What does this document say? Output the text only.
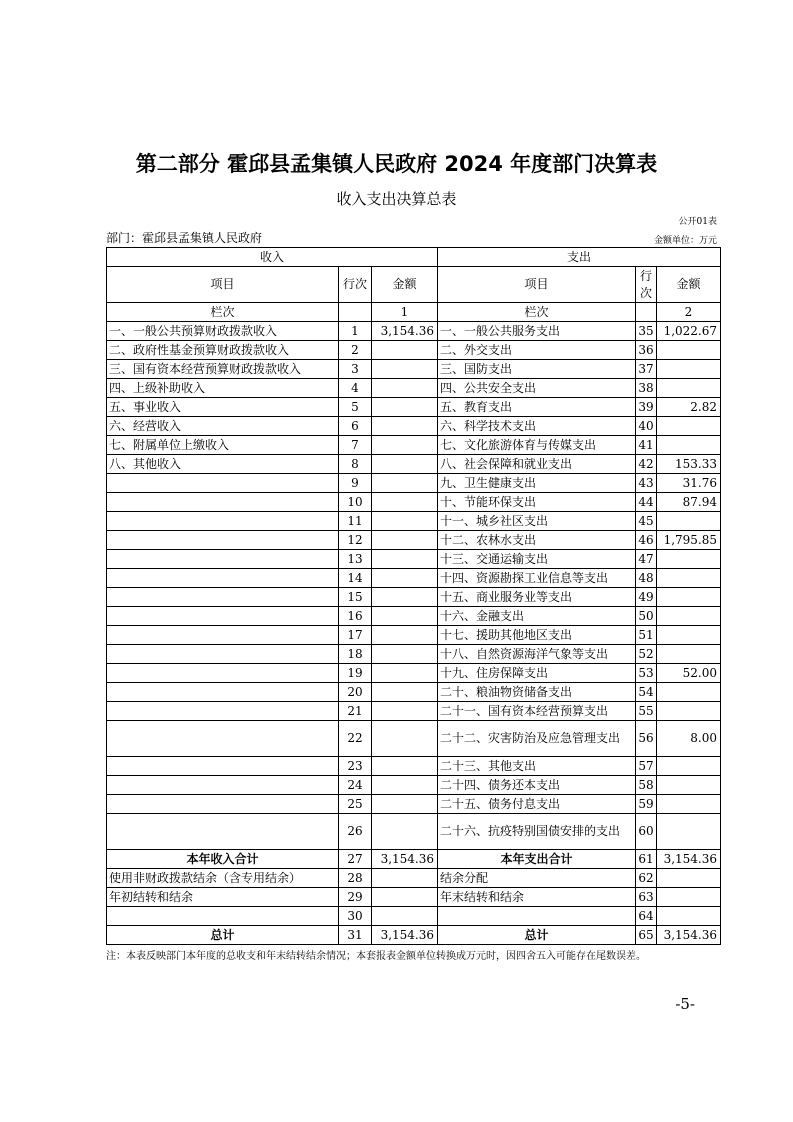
第二部分 霍邱县孟集镇人民政府 2024 年度部门决算表
收入支出决算总表
公开01表
部门：霍邱县孟集镇人民政府	金额单位：万元
收入			支出		
项目	行次	金额	项目	行次	金额
栏次		1	栏次		2
一、一般公共预算财政拨款收入	1	3,154.36	一、一般公共服务支出	35	1,022.67
二、政府性基金预算财政拨款收入	2		二、外交支出	36	
三、国有资本经营预算财政拨款收入	3		三、国防支出	37	
四、上级补助收入	4		四、公共安全支出	38	
五、事业收入	5		五、教育支出	39	2.82
六、经营收入	6		六、科学技术支出	40	
七、附属单位上缴收入	7		七、文化旅游体育与传媒支出	41	
八、其他收入	8		八、社会保障和就业支出	42	153.33
	9		九、卫生健康支出	43	31.76
	10		十、节能环保支出	44	87.94
	11		十一、城乡社区支出	45	
	12		十二、农林水支出	46	1,795.85
	13		十三、交通运输支出	47	
	14		十四、资源勘探工业信息等支出	48	
	15		十五、商业服务业等支出	49	
	16		十六、金融支出	50	
	17		十七、援助其他地区支出	51	
	18		十八、自然资源海洋气象等支出	52	
	19		十九、住房保障支出	53	52.00
	20		二十、粮油物资储备支出	54	
	21		二十一、国有资本经营预算支出	55	
	22		二十二、灾害防治及应急管理支出	56	8.00
	23		二十三、其他支出	57	
	24		二十四、债务还本支出	58	
	25		二十五、债务付息支出	59	
	26		二十六、抗疫特别国债安排的支出	60	
本年收入合计	27	3,154.36	本年支出合计	61	3,154.36
使用非财政拨款结余（含专用结余）	28		结余分配	62	
年初结转和结余	29		年末结转和结余	63	
	30			64	
总计	31	3,154.36	总计	65	3,154.36
注：本表反映部门本年度的总收支和年末结转结余情况；本套报表金额单位转换成万元时，因四舍五入可能存在尾数误差。
-5-
